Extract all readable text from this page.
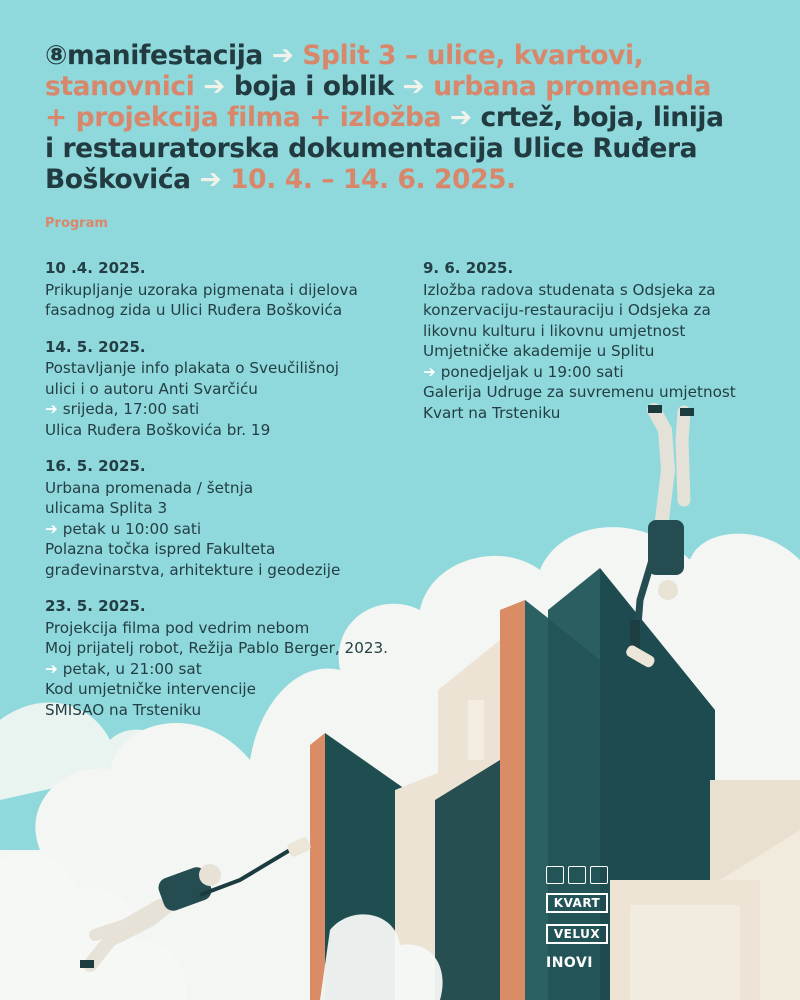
⑧manifestacija ➔ Split 3 – ulice, kvartovi,
stanovnici ➔ boja i oblik ➔ urbana promenada
+ projekcija filma + izložba ➔ crtež, boja, linija
i restauratorska dokumentacija Ulice Ruđera
Boškovića ➔ 10. 4. – 14. 6. 2025.
Program
10 .4. 2025.
Prikupljanje uzoraka pigmenata i dijelova
fasadnog zida u Ulici Ruđera Boškovića
14. 5. 2025.
Postavljanje info plakata o Sveučilišnoj
ulici i o autoru Anti Svarčiću
➔ srijeda, 17:00 sati
Ulica Ruđera Boškovića br. 19
16. 5. 2025.
Urbana promenada / šetnja
ulicama Splita 3
➔ petak u 10:00 sati
Polazna točka ispred Fakulteta
građevinarstva, arhitekture i geodezije
23. 5. 2025.
Projekcija filma pod vedrim nebom
Moj prijatelj robot, Režija Pablo Berger, 2023.
➔ petak, u 21:00 sat
Kod umjetničke intervencije
SMISAO na Trsteniku
9. 6. 2025.
Izložba radova studenata s Odsjeka za
konzervaciju-restauraciju i Odsjeka za
likovnu kulturu i likovnu umjetnost
Umjetničke akademije u Splitu
➔ ponedjeljak u 19:00 sati
Galerija Udruge za suvremenu umjetnost
Kvart na Trsteniku
KVART
VELUX
INOVI
